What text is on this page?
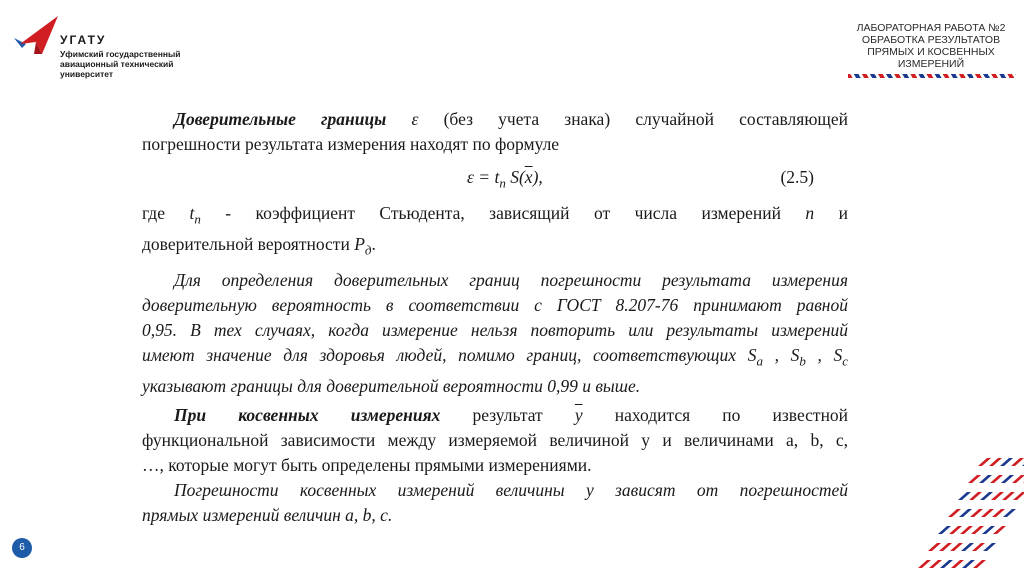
УГАТУ
Уфимский государственный авиационный технический университет
ЛАБОРАТОРНАЯ РАБОТА №2 ОБРАБОТКА РЕЗУЛЬТАТОВ ПРЯМЫХ И КОСВЕННЫХ ИЗМЕРЕНИЙ
Доверительные границы ε (без учета знака) случайной составляющей
погрешности результата измерения находят по формуле
$\varepsilon = t_n$ $S(\overline{x})$,	(2.5)
где $t_n$ - коэффициент Стьюдента, зависящий от числа измерений n и
доверительной вероятности $P_д$.
Для определения доверительных границ погрешности результата измерения
доверительную вероятность в соответствии с ГОСТ 8.207-76 принимают равной
0,95. В тех случаях, когда измерение нельзя повторить или результаты измерений
имеют значение для здоровья людей, помимо границ, соответствующих $S_a$ , $S_b$ , $S_c$
указывают границы для доверительной вероятности 0,99 и выше.
При косвенных измерениях результат $\overline{y}$ находится по известной
функциональной зависимости между измеряемой величиной y и величинами a, b, c,
…, которые могут быть определены прямыми измерениями.
Погрешности косвенных измерений величины y зависят от погрешностей
прямых измерений величин a, b, c.
6
